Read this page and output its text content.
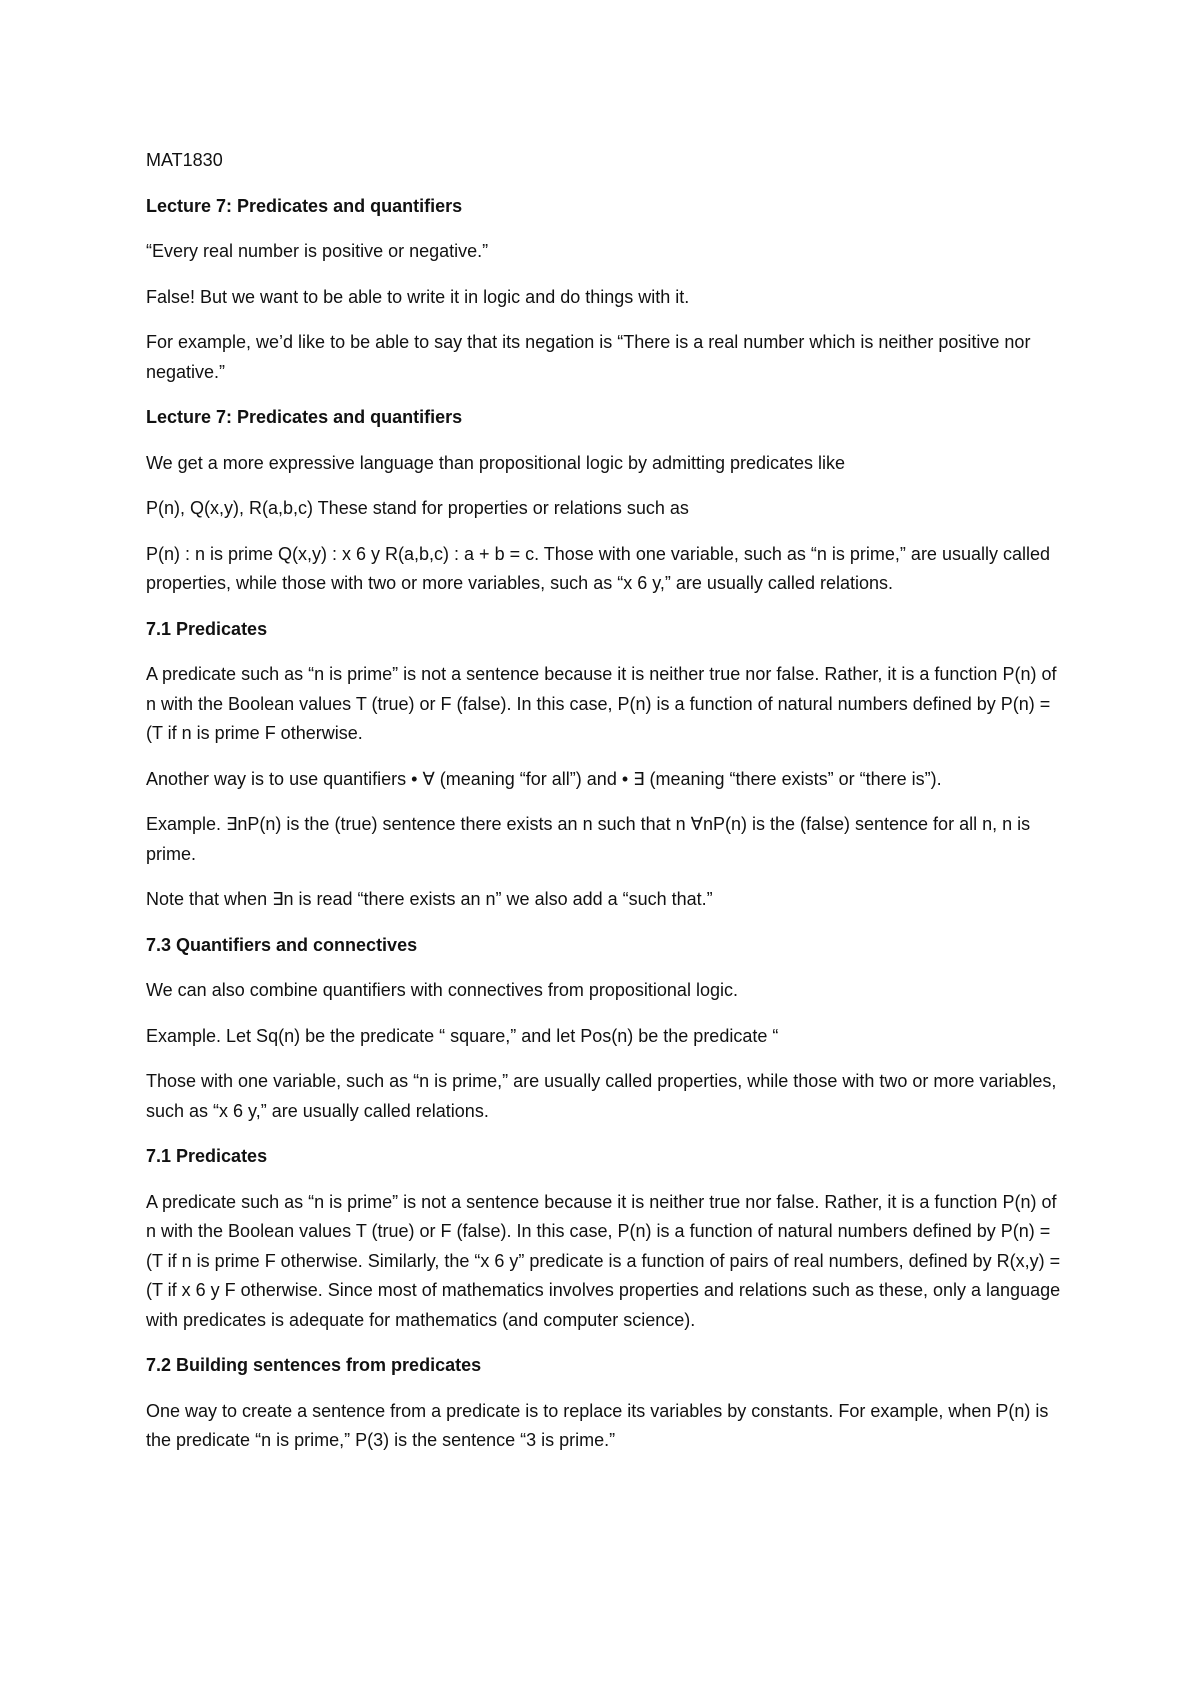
MAT1830

Lecture 7: Predicates and quantifiers

“Every real number is positive or negative.”

False! But we want to be able to write it in logic and do things with it.

For example, we’d like to be able to say that its negation is “There is a real number which is neither positive nor negative.”

Lecture 7: Predicates and quantifiers

We get a more expressive language than propositional logic by admitting predicates like

P(n), Q(x,y), R(a,b,c) These stand for properties or relations such as

P(n) : n is prime Q(x,y) : x 6 y R(a,b,c) : a + b = c. Those with one variable, such as “n is prime,” are usually called properties, while those with two or more variables, such as “x 6 y,” are usually called relations.

7.1 Predicates

A predicate such as “n is prime” is not a sentence because it is neither true nor false. Rather, it is a function P(n) of n with the Boolean values T (true) or F (false). In this case, P(n) is a function of natural numbers defined by P(n) =(T if n is prime F otherwise.

Another way is to use quantifiers • ∀ (meaning “for all”) and • ∃ (meaning “there exists” or “there is”).

Example. ∃nP(n) is the (true) sentence there exists an n such that n ∀nP(n) is the (false) sentence for all n, n is prime.

Note that when ∃n is read “there exists an n” we also add a “such that.”

7.3 Quantifiers and connectives

We can also combine quantifiers with connectives from propositional logic.

Example. Let Sq(n) be the predicate “ square,” and let Pos(n) be the predicate “

Those with one variable, such as “n is prime,” are usually called properties, while those with two or more variables, such as “x 6 y,” are usually called relations.

7.1 Predicates

A predicate such as “n is prime” is not a sentence because it is neither true nor false. Rather, it is a function P(n) of n with the Boolean values T (true) or F (false). In this case, P(n) is a function of natural numbers defined by P(n) =(T if n is prime F otherwise. Similarly, the “x 6 y” predicate is a function of pairs of real numbers, defined by R(x,y) =(T if x 6 y F otherwise. Since most of mathematics involves properties and relations such as these, only a language with predicates is adequate for mathematics (and computer science).

7.2 Building sentences from predicates

One way to create a sentence from a predicate is to replace its variables by constants. For example, when P(n) is the predicate “n is prime,” P(3) is the sentence “3 is prime.”
